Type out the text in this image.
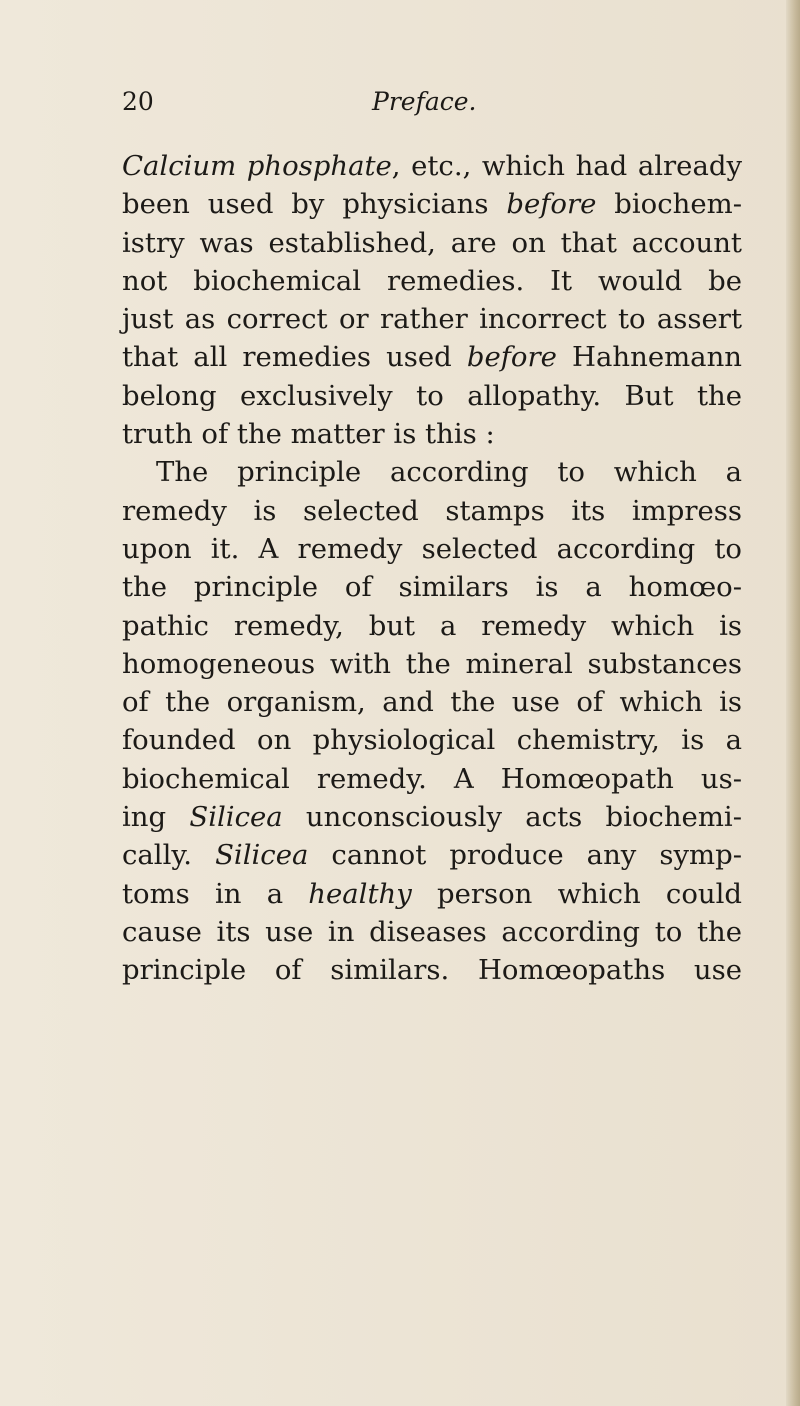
20	Preface.
Calcium phosphate, etc., which had already
been used by physicians before biochem-
istry was established, are on that account
not biochemical remedies. It would be
just as correct or rather incorrect to assert
that all remedies used before Hahnemann
belong exclusively to allopathy. But the
truth of the matter is this :
The principle according to which a
remedy is selected stamps its impress
upon it. A remedy selected according to
the principle of similars is a homœo-
pathic remedy, but a remedy which is
homogeneous with the mineral substances
of the organism, and the use of which is
founded on physiological chemistry, is a
biochemical remedy. A Homœopath us-
ing Silicea unconsciously acts biochemi-
cally. Silicea cannot produce any symp-
toms in a healthy person which could
cause its use in diseases according to the
principle of similars. Homœopaths use
